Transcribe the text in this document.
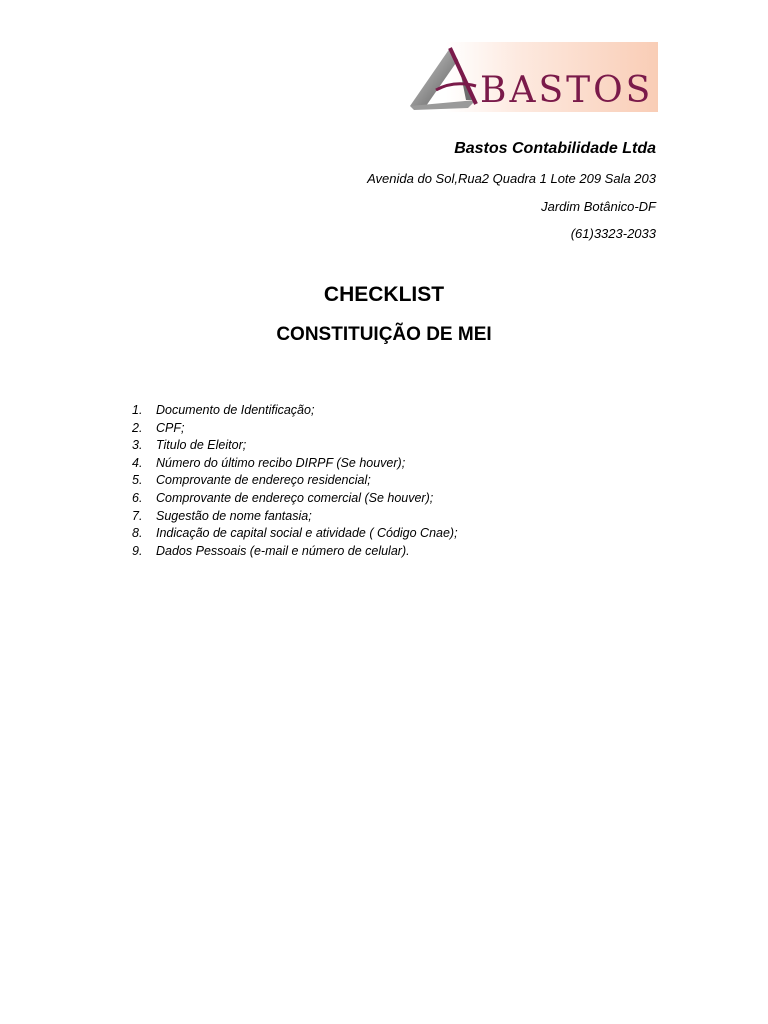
BASTOS
Bastos Contabilidade Ltda
Avenida do Sol,Rua2 Quadra 1 Lote 209 Sala 203
Jardim Botânico-DF
(61)3323-2033
CHECKLIST
CONSTITUIÇÃO DE MEI
1. Documento de Identificação;
2. CPF;
3. Titulo de Eleitor;
4. Número do último recibo DIRPF (Se houver);
5. Comprovante de endereço residencial;
6. Comprovante de endereço comercial (Se houver);
7. Sugestão de nome fantasia;
8. Indicação de capital social e atividade ( Código Cnae);
9. Dados Pessoais (e-mail e número de celular).
